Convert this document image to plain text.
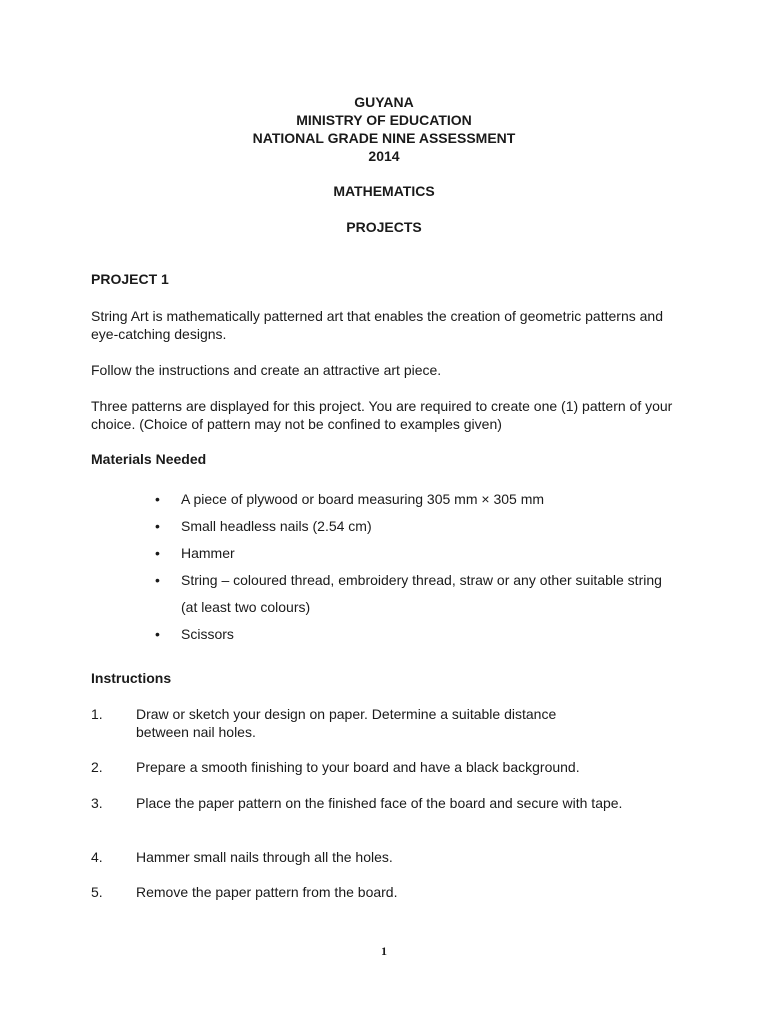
GUYANA
MINISTRY OF EDUCATION
NATIONAL GRADE NINE ASSESSMENT
2014
MATHEMATICS
PROJECTS
PROJECT 1
String Art is mathematically patterned art that enables the creation of geometric patterns and eye-catching designs.
Follow the instructions and create an attractive art piece.
Three patterns are displayed for this project. You are required to create one (1) pattern of your choice. (Choice of pattern may not be confined to examples given)
Materials Needed
• A piece of plywood or board measuring 305 mm × 305 mm
• Small headless nails (2.54 cm)
• Hammer
• String – coloured thread, embroidery thread, straw or any other suitable string (at least two colours)
• Scissors
Instructions
1.	Draw or sketch your design on paper. Determine a suitable distance between nail holes.
2.	Prepare a smooth finishing to your board and have a black background.
3.	Place the paper pattern on the finished face of the board and secure with tape.
4.	Hammer small nails through all the holes.
5.	Remove the paper pattern from the board.
1
